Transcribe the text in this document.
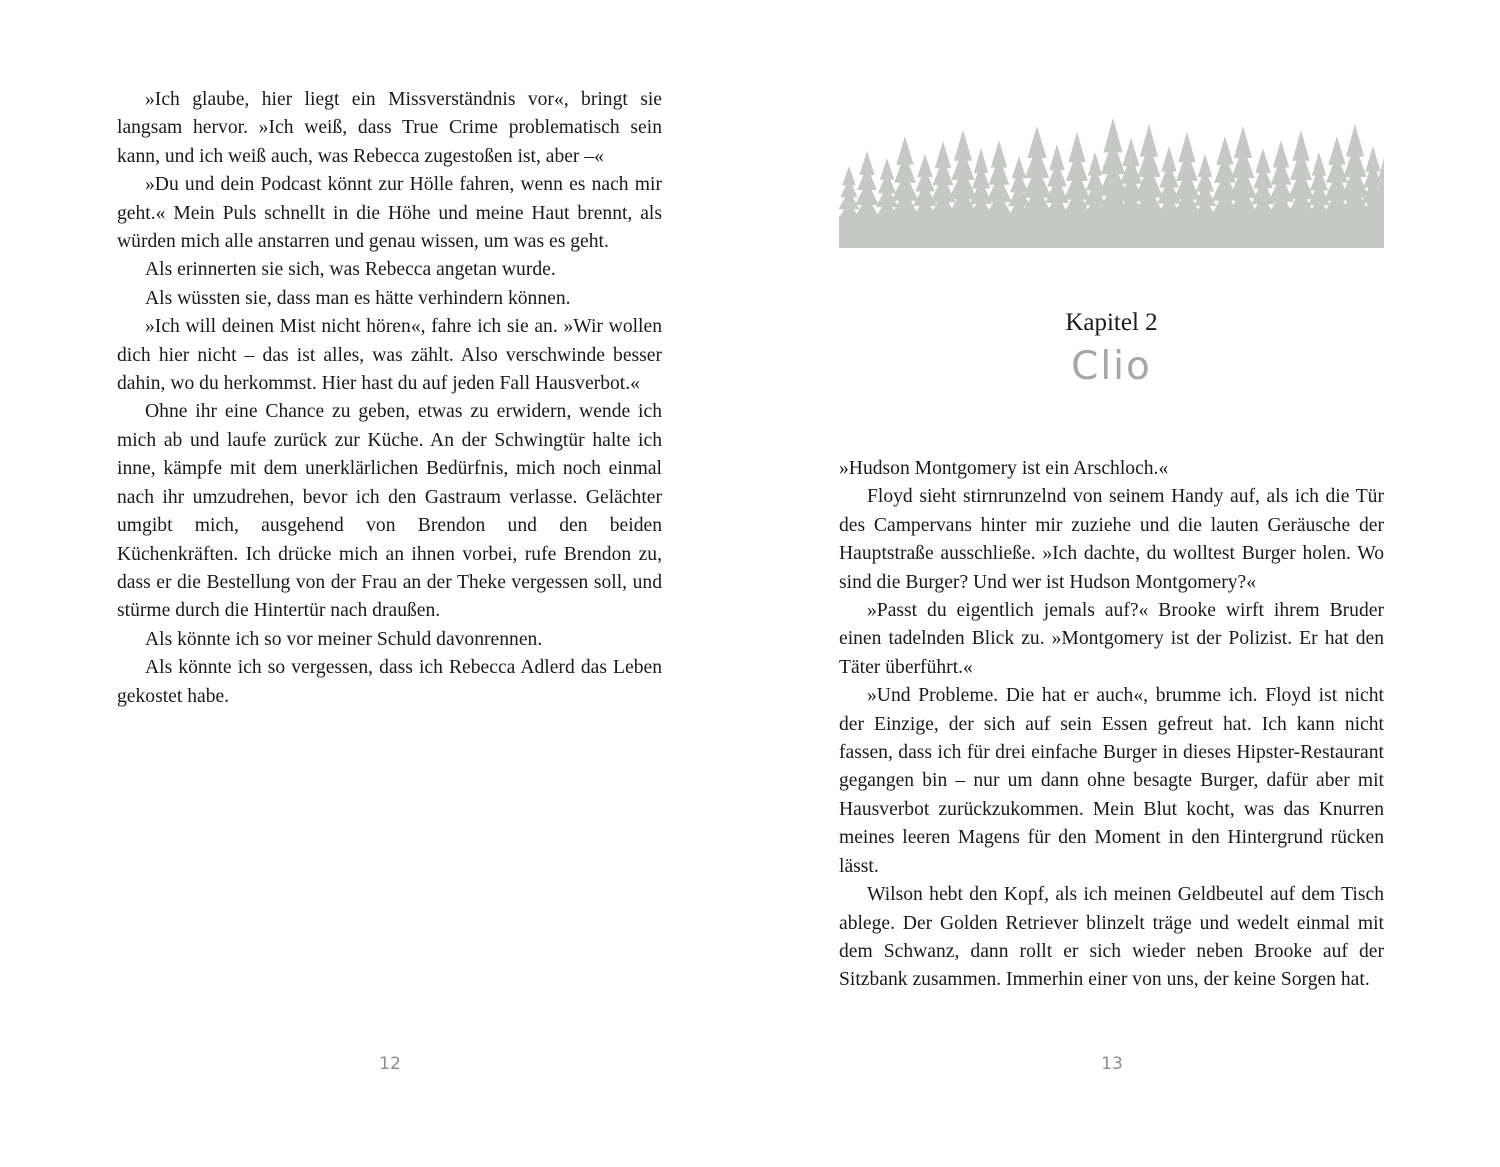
»Ich glaube, hier liegt ein Missverständnis vor«, bringt sie langsam hervor. »Ich weiß, dass True Crime problematisch sein kann, und ich weiß auch, was Rebecca zugestoßen ist, aber –«

»Du und dein Podcast könnt zur Hölle fahren, wenn es nach mir geht.« Mein Puls schnellt in die Höhe und meine Haut brennt, als würden mich alle anstarren und genau wissen, um was es geht.

Als erinnerten sie sich, was Rebecca angetan wurde.

Als wüssten sie, dass man es hätte verhindern können.

»Ich will deinen Mist nicht hören«, fahre ich sie an. »Wir wollen dich hier nicht – das ist alles, was zählt. Also verschwinde besser dahin, wo du herkommst. Hier hast du auf jeden Fall Hausverbot.«

Ohne ihr eine Chance zu geben, etwas zu erwidern, wende ich mich ab und laufe zurück zur Küche. An der Schwingtür halte ich inne, kämpfe mit dem unerklärlichen Bedürfnis, mich noch einmal nach ihr umzudrehen, bevor ich den Gastraum verlasse. Gelächter umgibt mich, ausgehend von Brendon und den beiden Küchenkräften. Ich drücke mich an ihnen vorbei, rufe Brendon zu, dass er die Bestellung von der Frau an der Theke vergessen soll, und stürme durch die Hintertür nach draußen.

Als könnte ich so vor meiner Schuld davonrennen.

Als könnte ich so vergessen, dass ich Rebecca Adlerd das Leben gekostet habe.

12
Kapitel 2
Clio

»Hudson Montgomery ist ein Arschloch.«

Floyd sieht stirnrunzelnd von seinem Handy auf, als ich die Tür des Campervans hinter mir zuziehe und die lauten Geräusche der Hauptstraße ausschließe. »Ich dachte, du wolltest Burger holen. Wo sind die Burger? Und wer ist Hudson Montgomery?«

»Passt du eigentlich jemals auf?« Brooke wirft ihrem Bruder einen tadelnden Blick zu. »Montgomery ist der Polizist. Er hat den Täter überführt.«

»Und Probleme. Die hat er auch«, brumme ich. Floyd ist nicht der Einzige, der sich auf sein Essen gefreut hat. Ich kann nicht fassen, dass ich für drei einfache Burger in dieses Hipster-Restaurant gegangen bin – nur um dann ohne besagte Burger, dafür aber mit Hausverbot zurückzukommen. Mein Blut kocht, was das Knurren meines leeren Magens für den Moment in den Hintergrund rücken lässt.

Wilson hebt den Kopf, als ich meinen Geldbeutel auf dem Tisch ablege. Der Golden Retriever blinzelt träge und wedelt einmal mit dem Schwanz, dann rollt er sich wieder neben Brooke auf der Sitzbank zusammen. Immerhin einer von uns, der keine Sorgen hat.

13
